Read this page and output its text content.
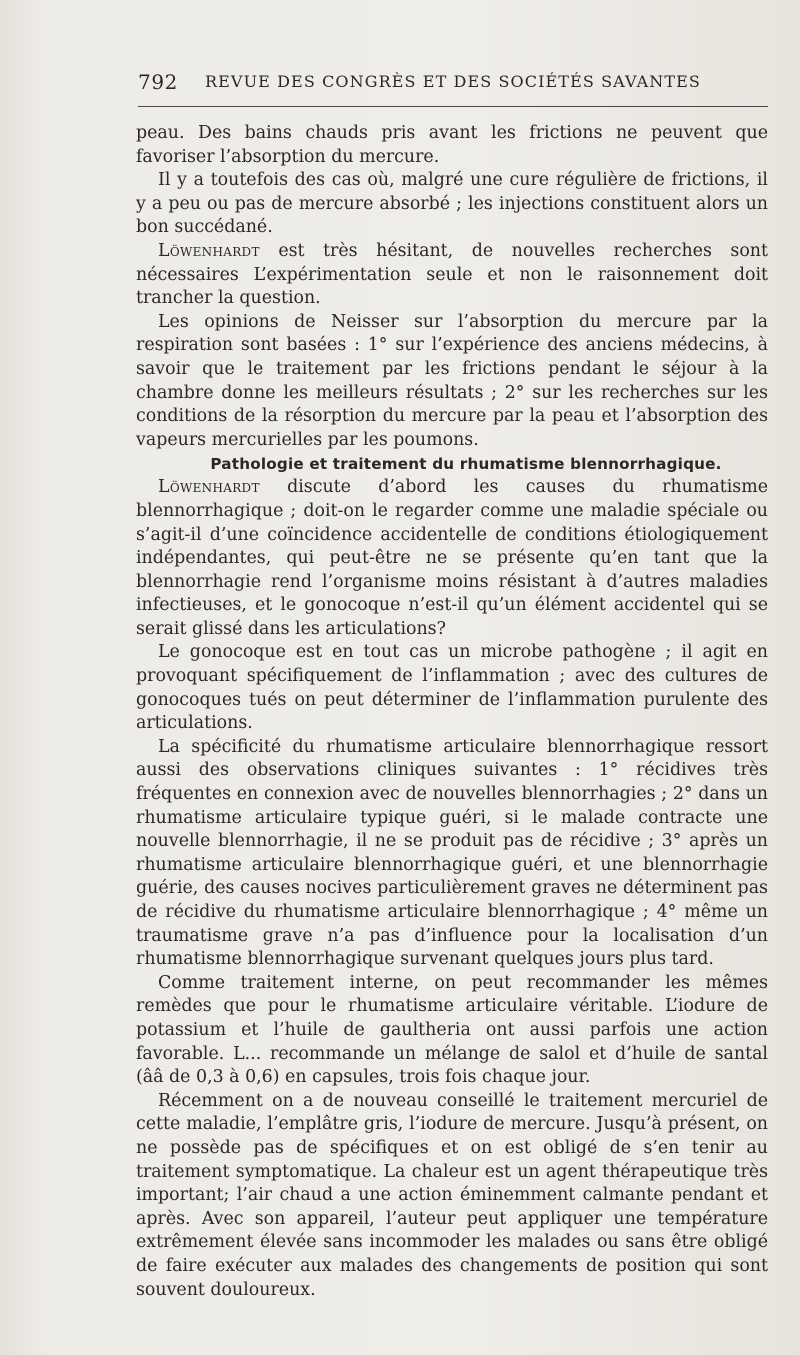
792 REVUE DES CONGRÈS ET DES SOCIÉTÉS SAVANTES

peau. Des bains chauds pris avant les frictions ne peuvent que favoriser l’absorption du mercure.

Il y a toutefois des cas où, malgré une cure régulière de frictions, il y a peu ou pas de mercure absorbé ; les injections constituent alors un bon succédané.

Löwenhardt est très hésitant, de nouvelles recherches sont nécessaires L’expérimentation seule et non le raisonnement doit trancher la question.

Les opinions de Neisser sur l’absorption du mercure par la respiration sont basées : 1° sur l’expérience des anciens médecins, à savoir que le traitement par les frictions pendant le séjour à la chambre donne les meilleurs résultats ; 2° sur les recherches sur les conditions de la résorption du mercure par la peau et l’absorption des vapeurs mercurielles par les poumons.

Pathologie et traitement du rhumatisme blennorrhagique.

Löwenhardt discute d’abord les causes du rhumatisme blennorrhagique ; doit-on le regarder comme une maladie spéciale ou s’agit-il d’une coïncidence accidentelle de conditions étiologiquement indépendantes, qui peut-être ne se présente qu’en tant que la blennorrhagie rend l’organisme moins résistant à d’autres maladies infectieuses, et le gonocoque n’est-il qu’un élément accidentel qui se serait glissé dans les articulations?

Le gonocoque est en tout cas un microbe pathogène ; il agit en provoquant spécifiquement de l’inflammation ; avec des cultures de gonocoques tués on peut déterminer de l’inflammation purulente des articulations.

La spécificité du rhumatisme articulaire blennorrhagique ressort aussi des observations cliniques suivantes : 1° récidives très fréquentes en connexion avec de nouvelles blennorrhagies ; 2° dans un rhumatisme articulaire typique guéri, si le malade contracte une nouvelle blennorrhagie, il ne se produit pas de récidive ; 3° après un rhumatisme articulaire blennorrhagique guéri, et une blennorrhagie guérie, des causes nocives particulièrement graves ne déterminent pas de récidive du rhumatisme articulaire blennorrhagique ; 4° même un traumatisme grave n’a pas d’influence pour la localisation d’un rhumatisme blennorrhagique survenant quelques jours plus tard.

Comme traitement interne, on peut recommander les mêmes remèdes que pour le rhumatisme articulaire véritable. L’iodure de potassium et l’huile de gaultheria ont aussi parfois une action favorable. L... recommande un mélange de salol et d’huile de santal (ââ de 0,3 à 0,6) en capsules, trois fois chaque jour.

Récemment on a de nouveau conseillé le traitement mercuriel de cette maladie, l’emplâtre gris, l’iodure de mercure. Jusqu’à présent, on ne possède pas de spécifiques et on est obligé de s’en tenir au traitement symptomatique. La chaleur est un agent thérapeutique très important; l’air chaud a une action éminemment calmante pendant et après. Avec son appareil, l’auteur peut appliquer une température extrêmement élevée sans incommoder les malades ou sans être obligé de faire exécuter aux malades des changements de position qui sont souvent douloureux.
